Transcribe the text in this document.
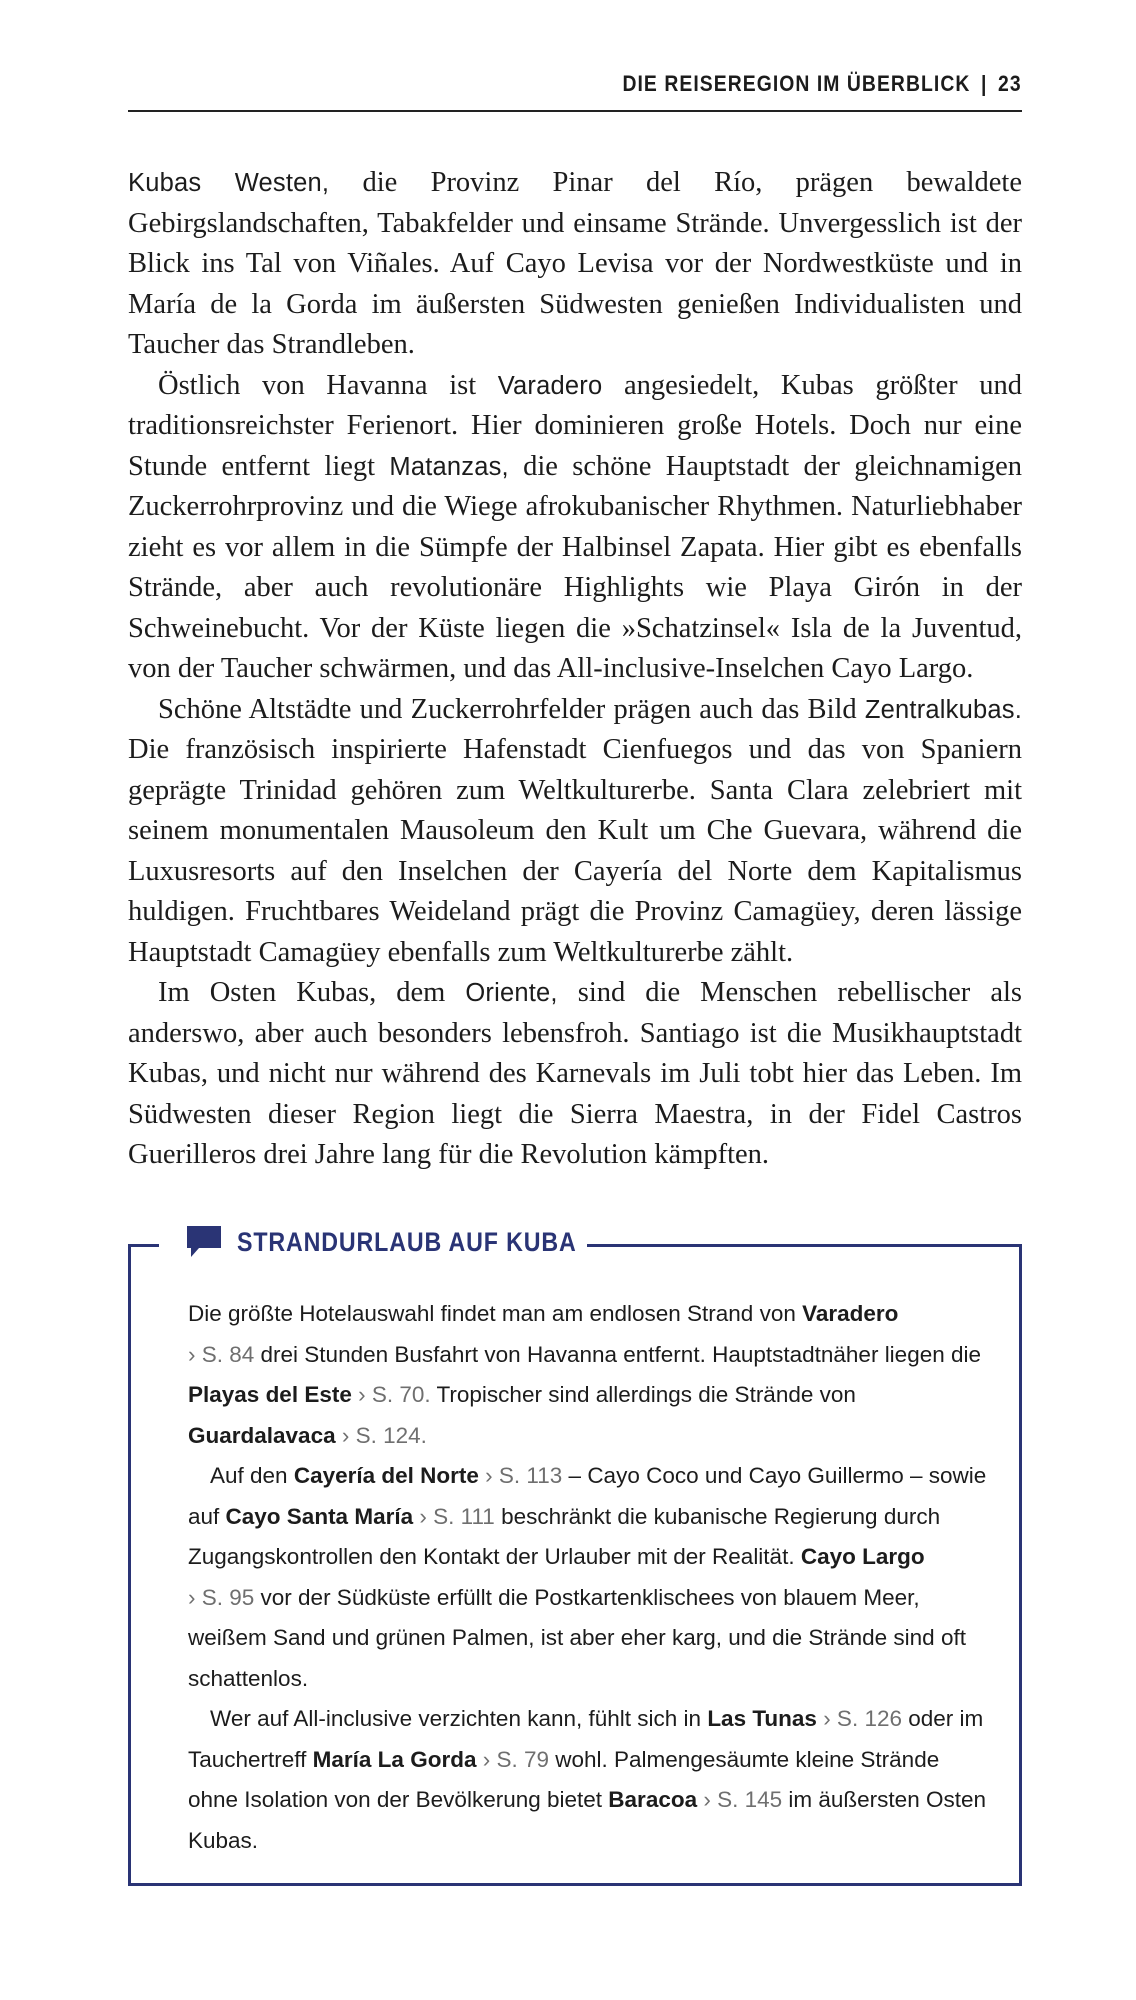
DIE REISEREGION IM ÜBERBLICK | 23

Kubas Westen, die Provinz Pinar del Río, prägen bewaldete Gebirgslandschaften, Tabakfelder und einsame Strände. Unvergesslich ist der Blick ins Tal von Viñales. Auf Cayo Levisa vor der Nordwestküste und in María de la Gorda im äußersten Südwesten genießen Individualisten und Taucher das Strandleben.

Östlich von Havanna ist Varadero angesiedelt, Kubas größter und traditionsreichster Ferienort. Hier dominieren große Hotels. Doch nur eine Stunde entfernt liegt Matanzas, die schöne Hauptstadt der gleichnamigen Zuckerrohrprovinz und die Wiege afrokubanischer Rhythmen. Naturliebhaber zieht es vor allem in die Sümpfe der Halbinsel Zapata. Hier gibt es ebenfalls Strände, aber auch revolutionäre Highlights wie Playa Girón in der Schweinebucht. Vor der Küste liegen die »Schatzinsel« Isla de la Juventud, von der Taucher schwärmen, und das All-inclusive-Inselchen Cayo Largo.

Schöne Altstädte und Zuckerrohrfelder prägen auch das Bild Zentralkubas. Die französisch inspirierte Hafenstadt Cienfuegos und das von Spaniern geprägte Trinidad gehören zum Weltkulturerbe. Santa Clara zelebriert mit seinem monumentalen Mausoleum den Kult um Che Guevara, während die Luxusresorts auf den Inselchen der Cayería del Norte dem Kapitalismus huldigen. Fruchtbares Weideland prägt die Provinz Camagüey, deren lässige Hauptstadt Camagüey ebenfalls zum Weltkulturerbe zählt.

Im Osten Kubas, dem Oriente, sind die Menschen rebellischer als anderswo, aber auch besonders lebensfroh. Santiago ist die Musikhauptstadt Kubas, und nicht nur während des Karnevals im Juli tobt hier das Leben. Im Südwesten dieser Region liegt die Sierra Maestra, in der Fidel Castros Guerilleros drei Jahre lang für die Revolution kämpften.

STRANDURLAUB AUF KUBA

Die größte Hotelauswahl findet man am endlosen Strand von Varadero
› S. 84 drei Stunden Busfahrt von Havanna entfernt. Hauptstadtnäher liegen die Playas del Este › S. 70. Tropischer sind allerdings die Strände von Guardalavaca › S. 124.

Auf den Cayería del Norte › S. 113 – Cayo Coco und Cayo Guillermo – sowie auf Cayo Santa María › S. 111 beschränkt die kubanische Regierung durch Zugangskontrollen den Kontakt der Urlauber mit der Realität. Cayo Largo
› S. 95 vor der Südküste erfüllt die Postkartenklischees von blauem Meer, weißem Sand und grünen Palmen, ist aber eher karg, und die Strände sind oft schattenlos.

Wer auf All-inclusive verzichten kann, fühlt sich in Las Tunas › S. 126 oder im Tauchertreff María La Gorda › S. 79 wohl. Palmengesäumte kleine Strände ohne Isolation von der Bevölkerung bietet Baracoa › S. 145 im äußersten Osten Kubas.
